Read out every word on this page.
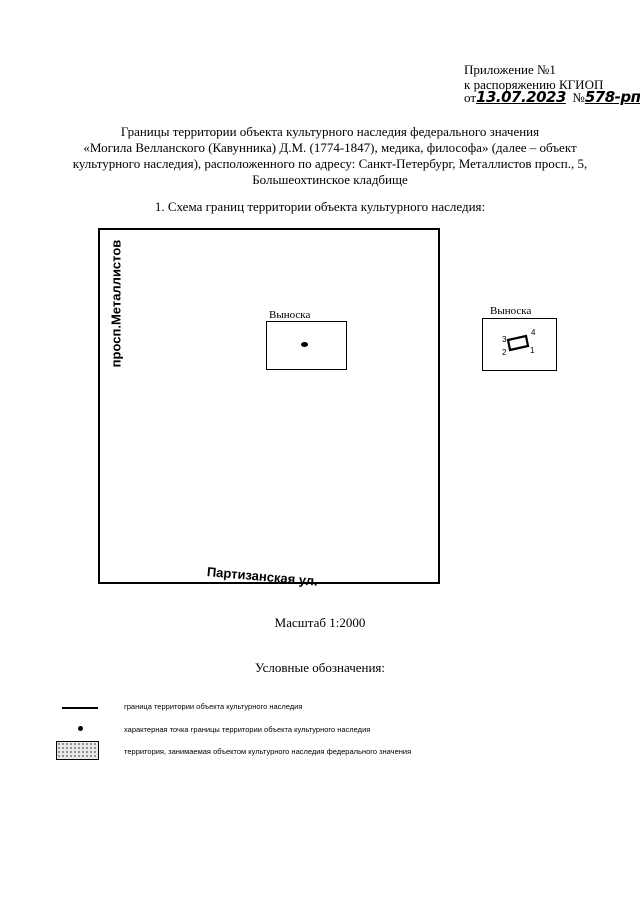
Приложение №1
к распоряжению КГИОП
от13.07.2023 №578-рп
Границы территории объекта культурного наследия федерального значения
«Могила Велланского (Кавунника) Д.М. (1774-1847), медика, философа» (далее – объект
культурного наследия), расположенного по адресу: Санкт-Петербург, Металлистов просп., 5,
Большеохтинское кладбище
1. Схема границ территории объекта культурного наследия:
просп.Металлистов
Партизанская ул.
Выноска	Выноска
1
2
3
4
Масштаб 1:2000
Условные обозначения:
граница территории объекта культурного наследия
характерная точка границы территории объекта культурного наследия
территория, занимаемая объектом культурного наследия федерального значения
